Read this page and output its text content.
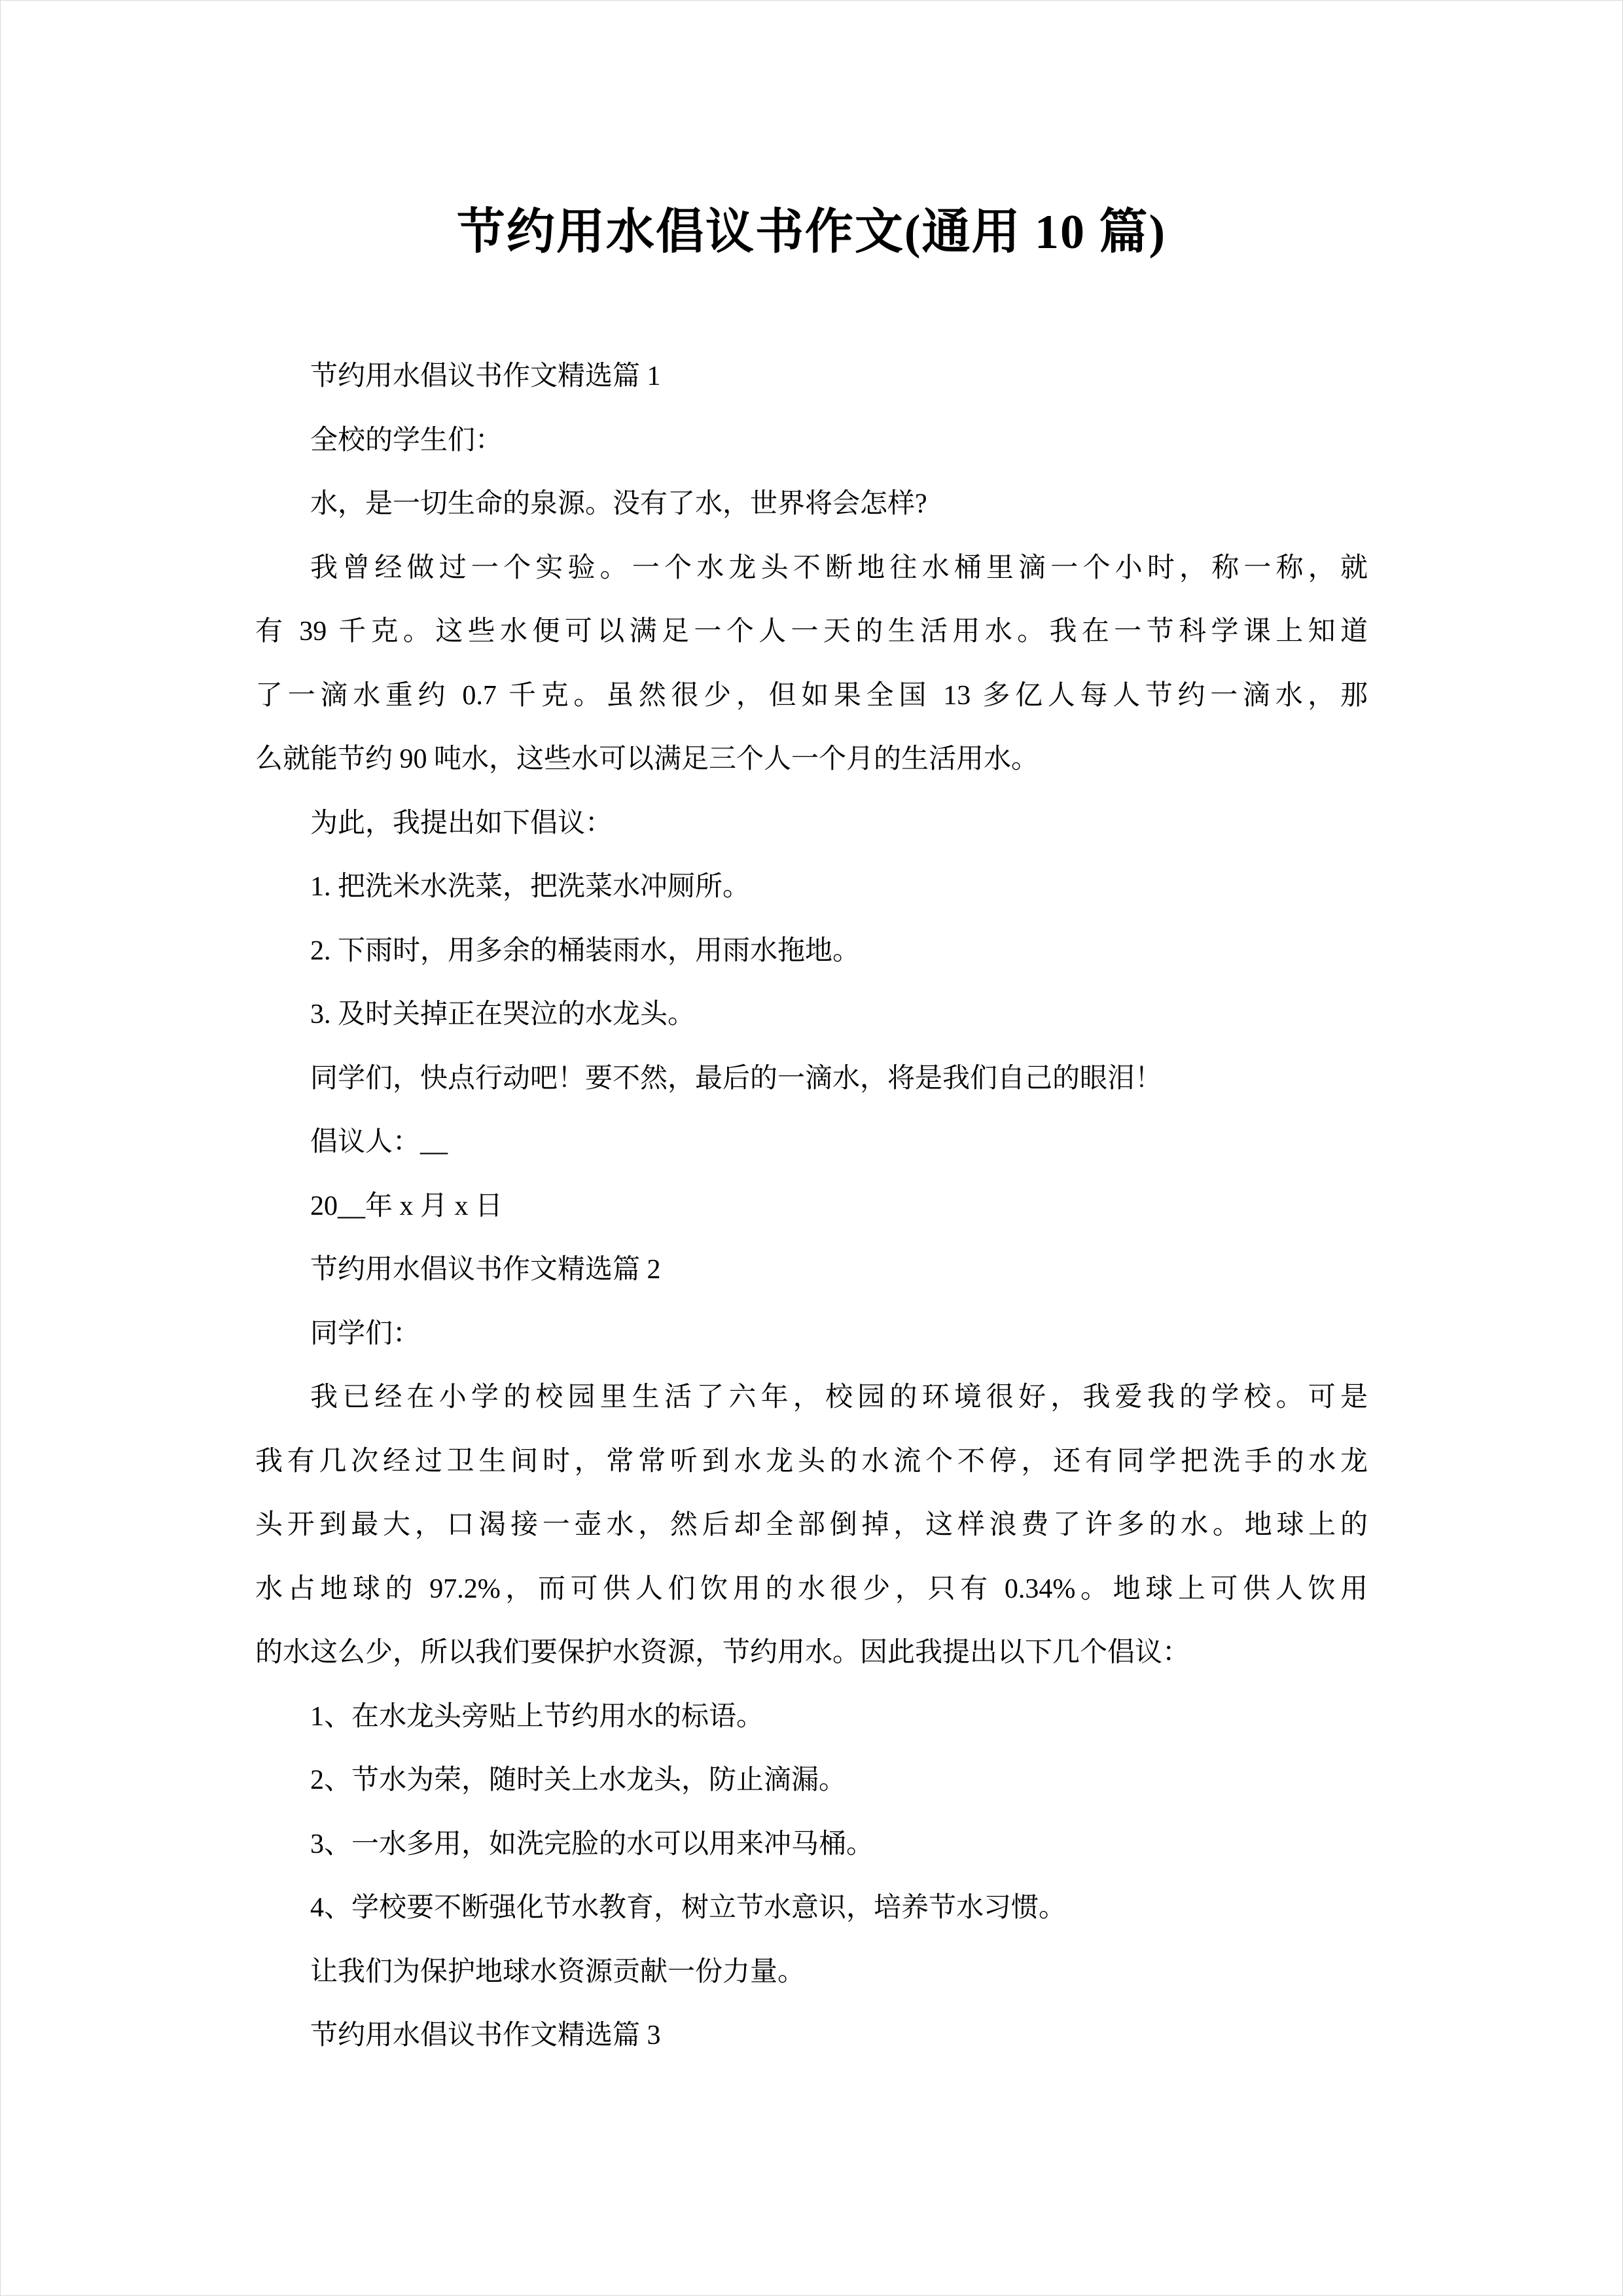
节约用水倡议书作文(通用 10 篇)
节约用水倡议书作文精选篇 1
全校的学生们：
水，是一切生命的泉源。没有了水，世界将会怎样?
我曾经做过一个实验。一个水龙头不断地往水桶里滴一个小时，称一称，就
有 39 千克。这些水便可以满足一个人一天的生活用水。我在一节科学课上知道
了一滴水重约 0.7 千克。虽然很少，但如果全国 13 多亿人每人节约一滴水，那
么就能节约 90 吨水，这些水可以满足三个人一个月的生活用水。
为此，我提出如下倡议：
1. 把洗米水洗菜，把洗菜水冲厕所。
2. 下雨时，用多余的桶装雨水，用雨水拖地。
3. 及时关掉正在哭泣的水龙头。
同学们，快点行动吧！要不然，最后的一滴水，将是我们自己的眼泪！
倡议人：__
20__年 x 月 x 日
节约用水倡议书作文精选篇 2
同学们：
我已经在小学的校园里生活了六年，校园的环境很好，我爱我的学校。可是
我有几次经过卫生间时，常常听到水龙头的水流个不停，还有同学把洗手的水龙
头开到最大，口渴接一壶水，然后却全部倒掉，这样浪费了许多的水。地球上的
水占地球的 97.2%，而可供人们饮用的水很少，只有 0.34%。地球上可供人饮用
的水这么少，所以我们要保护水资源，节约用水。因此我提出以下几个倡议：
1、在水龙头旁贴上节约用水的标语。
2、节水为荣，随时关上水龙头，防止滴漏。
3、一水多用，如洗完脸的水可以用来冲马桶。
4、学校要不断强化节水教育，树立节水意识，培养节水习惯。
让我们为保护地球水资源贡献一份力量。
节约用水倡议书作文精选篇 3
